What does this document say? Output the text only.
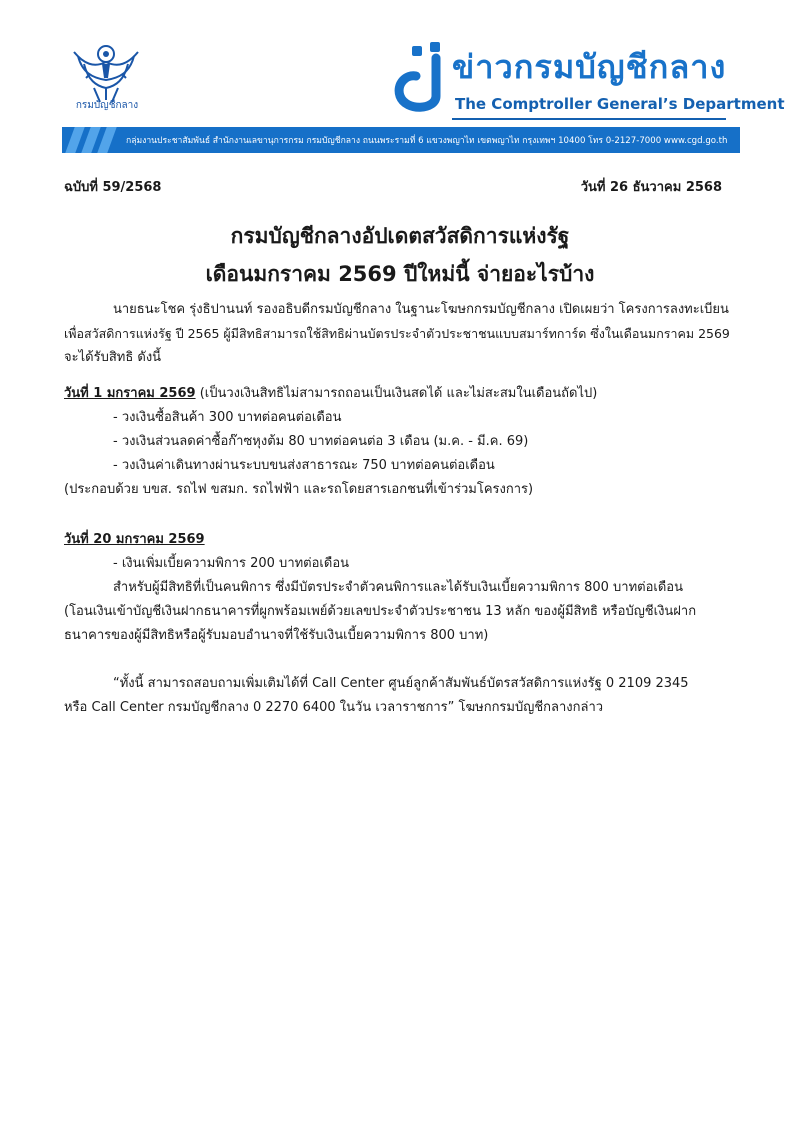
กรมบัญชีกลาง
ข่าวกรมบัญชีกลาง
The Comptroller General’s Department
กลุ่มงานประชาสัมพันธ์ สำนักงานเลขานุการกรม กรมบัญชีกลาง ถนนพระรามที่ 6 แขวงพญาไท เขตพญาไท กรุงเทพฯ 10400 โทร 0-2127-7000 www.cgd.go.th
ฉบับที่ 59/2568	วันที่ 26 ธันวาคม 2568
กรมบัญชีกลางอัปเดตสวัสดิการแห่งรัฐ
เดือนมกราคม 2569 ปีใหม่นี้ จ่ายอะไรบ้าง
นายธนะโชค รุ่งธิปานนท์ รองอธิบดีกรมบัญชีกลาง ในฐานะโฆษกกรมบัญชีกลาง เปิดเผยว่า โครงการลงทะเบียน
เพื่อสวัสดิการแห่งรัฐ ปี 2565 ผู้มีสิทธิสามารถใช้สิทธิผ่านบัตรประจำตัวประชาชนแบบสมาร์ทการ์ด ซึ่งในเดือนมกราคม 2569
จะได้รับสิทธิ ดังนี้
วันที่ 1 มกราคม 2569 (เป็นวงเงินสิทธิไม่สามารถถอนเป็นเงินสดได้ และไม่สะสมในเดือนถัดไป)
- วงเงินซื้อสินค้า 300 บาทต่อคนต่อเดือน
- วงเงินส่วนลดค่าซื้อก๊าซหุงต้ม 80 บาทต่อคนต่อ 3 เดือน (ม.ค. - มี.ค. 69)
- วงเงินค่าเดินทางผ่านระบบขนส่งสาธารณะ 750 บาทต่อคนต่อเดือน
(ประกอบด้วย บขส. รถไฟ ขสมก. รถไฟฟ้า และรถโดยสารเอกชนที่เข้าร่วมโครงการ)
วันที่ 20 มกราคม 2569
- เงินเพิ่มเบี้ยความพิการ 200 บาทต่อเดือน
สำหรับผู้มีสิทธิที่เป็นคนพิการ ซึ่งมีบัตรประจำตัวคนพิการและได้รับเงินเบี้ยความพิการ 800 บาทต่อเดือน
(โอนเงินเข้าบัญชีเงินฝากธนาคารที่ผูกพร้อมเพย์ด้วยเลขประจำตัวประชาชน 13 หลัก ของผู้มีสิทธิ หรือบัญชีเงินฝาก
ธนาคารของผู้มีสิทธิหรือผู้รับมอบอำนาจที่ใช้รับเงินเบี้ยความพิการ 800 บาท)
“ทั้งนี้ สามารถสอบถามเพิ่มเติมได้ที่ Call Center ศูนย์ลูกค้าสัมพันธ์บัตรสวัสดิการแห่งรัฐ 0 2109 2345
หรือ Call Center กรมบัญชีกลาง 0 2270 6400 ในวัน เวลาราชการ” โฆษกกรมบัญชีกลางกล่าว
